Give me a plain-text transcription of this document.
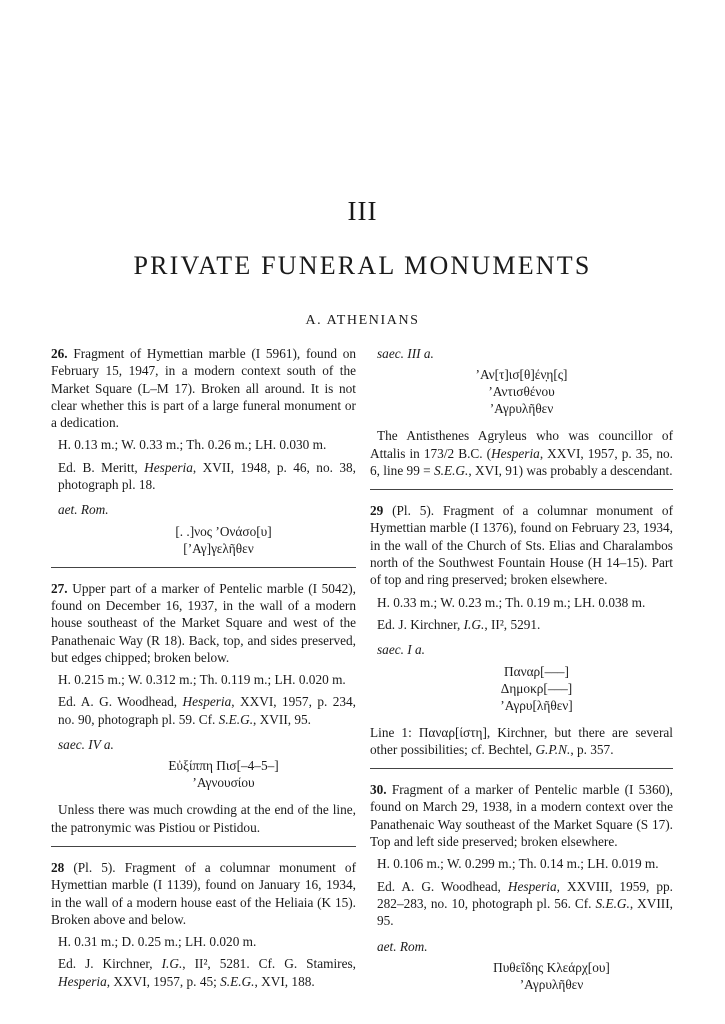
III
PRIVATE FUNERAL MONUMENTS
A. ATHENIANS

26. Fragment of Hymettian marble (I 5961), found on February 15, 1947, in a modern context south of the Market Square (L–M 17). Broken all around. It is not clear whether this is part of a large funeral monument or a dedication.

H. 0.13 m.; W. 0.33 m.; Th. 0.26 m.; LH. 0.030 m.

Ed. B. Meritt, Hesperia, XVII, 1948, p. 46, no. 38, photograph pl. 18.

aet. Rom.

[. .]νος ’Ονάσο[υ]
[’Αγ]γελῆθεν

27. Upper part of a marker of Pentelic marble (I 5042), found on December 16, 1937, in the wall of a modern house southeast of the Market Square and west of the Panathenaic Way (R 18). Back, top, and sides preserved, but edges chipped; broken below.

H. 0.215 m.; W. 0.312 m.; Th. 0.119 m.; LH. 0.020 m.

Ed. A. G. Woodhead, Hesperia, XXVI, 1957, p. 234, no. 90, photograph pl. 59. Cf. S.E.G., XVII, 95.

saec. IV a.

Εὐξίππη Πισ[–4–5–]
’Αγνουσίου

Unless there was much crowding at the end of the line, the patronymic was Pistiou or Pistidou.

28 (Pl. 5). Fragment of a columnar monument of Hymettian marble (I 1139), found on January 16, 1934, in the wall of a modern house east of the Heliaia (K 15). Broken above and below.

H. 0.31 m.; D. 0.25 m.; LH. 0.020 m.

Ed. J. Kirchner, I.G., II², 5281. Cf. G. Stamires, Hesperia, XXVI, 1957, p. 45; S.E.G., XVI, 188.

saec. III a.

’Αν[τ]ισ[θ]έν̣η[ς]
’Αντισθένου
’Αγρυλῆθεν

The Antisthenes Agryleus who was councillor of Attalis in 173/2 B.C. (Hesperia, XXVI, 1957, p. 35, no. 6, line 99 = S.E.G., XVI, 91) was probably a descendant.

29 (Pl. 5). Fragment of a columnar monument of Hymettian marble (I 1376), found on February 23, 1934, in the wall of the Church of Sts. Elias and Charalambos north of the Southwest Fountain House (H 14–15). Part of top and ring preserved; broken elsewhere.

H. 0.33 m.; W. 0.23 m.; Th. 0.19 m.; LH. 0.038 m.

Ed. J. Kirchner, I.G., II², 5291.

saec. I a.

Παναρ[–––]
Δημοκρ[–––]
’Αγρυ[λῆθεν]

Line 1: Παναρ[ίστη], Kirchner, but there are several other possibilities; cf. Bechtel, G.P.N., p. 357.

30. Fragment of a marker of Pentelic marble (I 5360), found on March 29, 1938, in a modern context over the Panathenaic Way southeast of the Market Square (S 17). Top and left side preserved; broken elsewhere.

H. 0.106 m.; W. 0.299 m.; Th. 0.14 m.; LH. 0.019 m.

Ed. A. G. Woodhead, Hesperia, XXVIII, 1959, pp. 282–283, no. 10, photograph pl. 56. Cf. S.E.G., XVIII, 95.

aet. Rom.

Πυθεΐδης Κλεάρχ[ου]
’Αγρυλῆθεν
